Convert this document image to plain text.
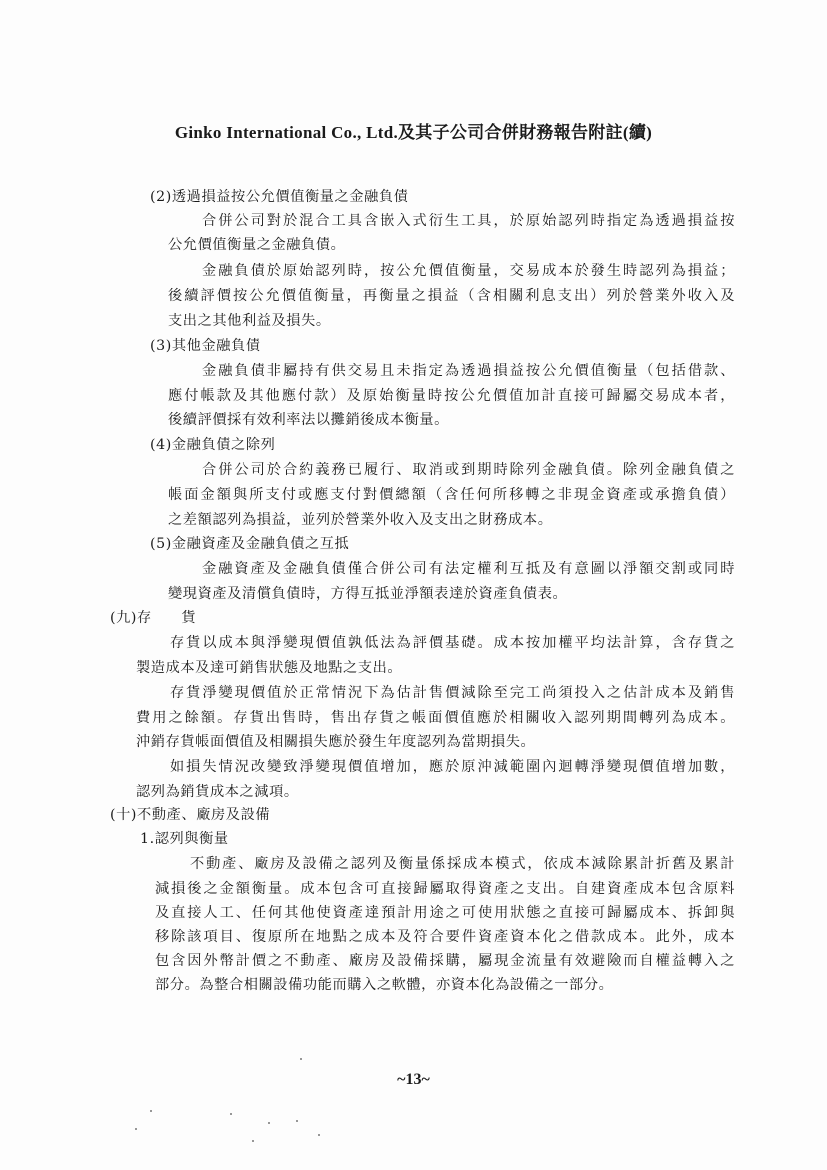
Ginko International Co., Ltd.及其子公司合併財務報告附註(續)
(2)透過損益按公允價值衡量之金融負債
合併公司對於混合工具含嵌入式衍生工具，於原始認列時指定為透過損益按
公允價值衡量之金融負債。
金融負債於原始認列時，按公允價值衡量，交易成本於發生時認列為損益；
後續評價按公允價值衡量，再衡量之損益（含相關利息支出）列於營業外收入及
支出之其他利益及損失。
(3)其他金融負債
金融負債非屬持有供交易且未指定為透過損益按公允價值衡量（包括借款、
應付帳款及其他應付款）及原始衡量時按公允價值加計直接可歸屬交易成本者，
後續評價採有效利率法以攤銷後成本衡量。
(4)金融負債之除列
合併公司於合約義務已履行、取消或到期時除列金融負債。除列金融負債之
帳面金額與所支付或應支付對價總額（含任何所移轉之非現金資產或承擔負債）
之差額認列為損益，並列於營業外收入及支出之財務成本。
(5)金融資產及金融負債之互抵
金融資產及金融負債僅合併公司有法定權利互抵及有意圖以淨額交割或同時
變現資產及清償負債時，方得互抵並淨額表達於資產負債表。
(九)存　　貨
存貨以成本與淨變現價值孰低法為評價基礎。成本按加權平均法計算，含存貨之
製造成本及達可銷售狀態及地點之支出。
存貨淨變現價值於正常情況下為估計售價減除至完工尚須投入之估計成本及銷售
費用之餘額。存貨出售時，售出存貨之帳面價值應於相關收入認列期間轉列為成本。
沖銷存貨帳面價值及相關損失應於發生年度認列為當期損失。
如損失情況改變致淨變現價值增加，應於原沖減範圍內迴轉淨變現價值增加數，
認列為銷貨成本之減項。
(十)不動產、廠房及設備
1.認列與衡量
不動產、廠房及設備之認列及衡量係採成本模式，依成本減除累計折舊及累計
減損後之金額衡量。成本包含可直接歸屬取得資產之支出。自建資產成本包含原料
及直接人工、任何其他使資產達預計用途之可使用狀態之直接可歸屬成本、拆卸與
移除該項目、復原所在地點之成本及符合要件資產資本化之借款成本。此外，成本
包含因外幣計價之不動產、廠房及設備採購，屬現金流量有效避險而自權益轉入之
部分。為整合相關設備功能而購入之軟體，亦資本化為設備之一部分。
~13~
